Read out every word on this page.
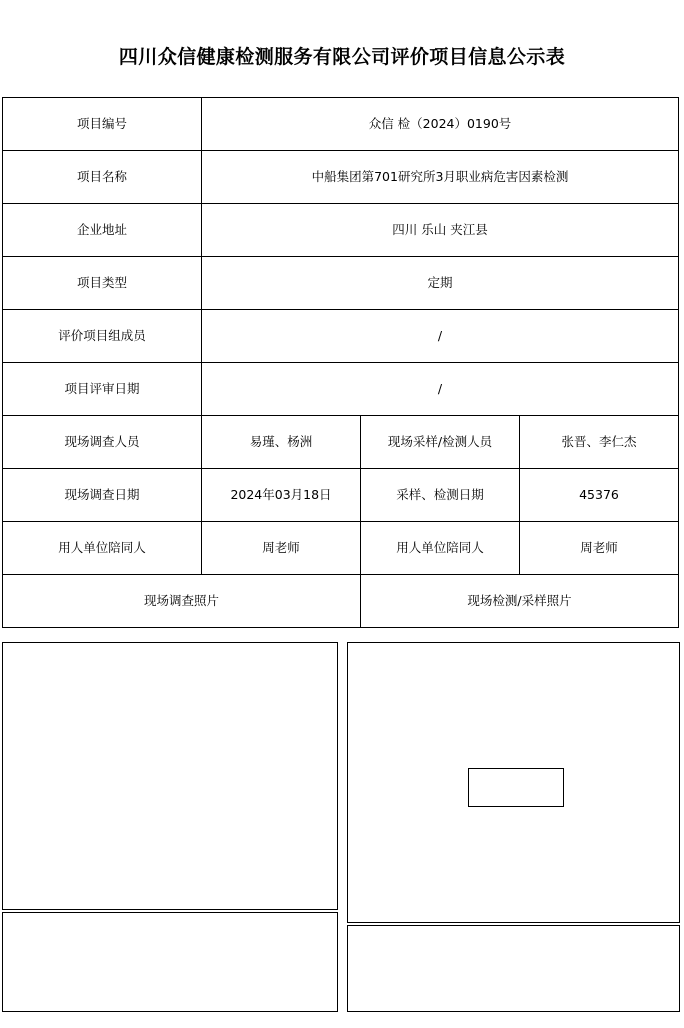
四川众信健康检测服务有限公司评价项目信息公示表
项目编号	众信 检（2024）0190号		
项目名称	中船集团第701研究所3月职业病危害因素检测		
企业地址	四川 乐山 夹江县		
项目类型	定期		
评价项目组成员	/		
项目评审日期	/		
现场调查人员	易瑾、杨洲	现场采样/检测人员	张晋、李仁杰
现场调查日期	2024年03月18日	采样、检测日期	45376
用人单位陪同人	周老师	用人单位陪同人	周老师
现场调查照片		现场检测/采样照片	
